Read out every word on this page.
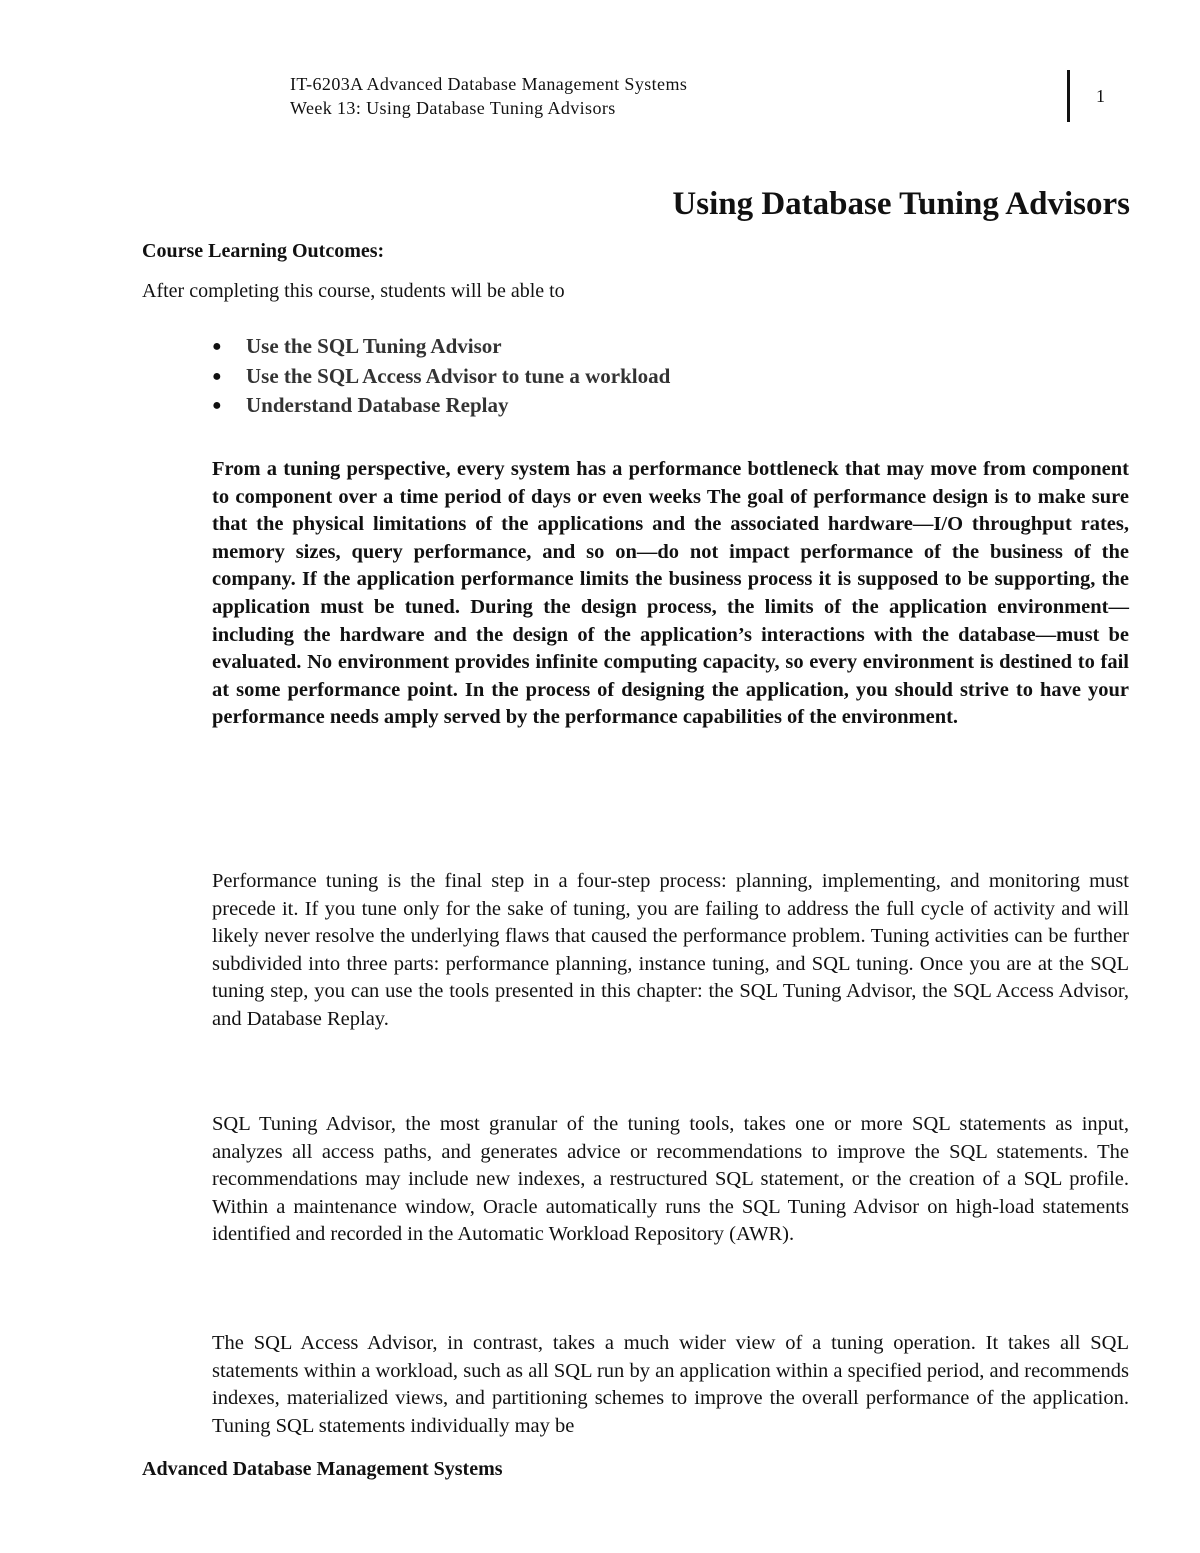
IT-6203A Advanced Database Management Systems
Week 13: Using Database Tuning Advisors
1
Using Database Tuning Advisors

Course Learning Outcomes:

After completing this course, students will be able to

● Use the SQL Tuning Advisor
● Use the SQL Access Advisor to tune a workload
● Understand Database Replay

From a tuning perspective, every system has a performance bottleneck that may move from component to component over a time period of days or even weeks The goal of performance design is to make sure that the physical limitations of the applications and the associated hardware—I/O throughput rates, memory sizes, query performance, and so on—do not impact performance of the business of the company. If the application performance limits the business process it is supposed to be supporting, the application must be tuned. During the design process, the limits of the application environment—including the hardware and the design of the application’s interactions with the database—must be evaluated. No environment provides infinite computing capacity, so every environment is destined to fail at some performance point. In the process of designing the application, you should strive to have your performance needs amply served by the performance capabilities of the environment.

Performance tuning is the final step in a four-step process: planning, implementing, and monitoring must precede it. If you tune only for the sake of tuning, you are failing to address the full cycle of activity and will likely never resolve the underlying flaws that caused the performance problem. Tuning activities can be further subdivided into three parts: performance planning, instance tuning, and SQL tuning. Once you are at the SQL tuning step, you can use the tools presented in this chapter: the SQL Tuning Advisor, the SQL Access Advisor, and Database Replay.

SQL Tuning Advisor, the most granular of the tuning tools, takes one or more SQL statements as input, analyzes all access paths, and generates advice or recommendations to improve the SQL statements. The recommendations may include new indexes, a restructured SQL statement, or the creation of a SQL profile. Within a maintenance window, Oracle automatically runs the SQL Tuning Advisor on high-load statements identified and recorded in the Automatic Workload Repository (AWR).

The SQL Access Advisor, in contrast, takes a much wider view of a tuning operation. It takes all SQL statements within a workload, such as all SQL run by an application within a specified period, and recommends indexes, materialized views, and partitioning schemes to improve the overall performance of the application. Tuning SQL statements individually may be

Advanced Database Management Systems
